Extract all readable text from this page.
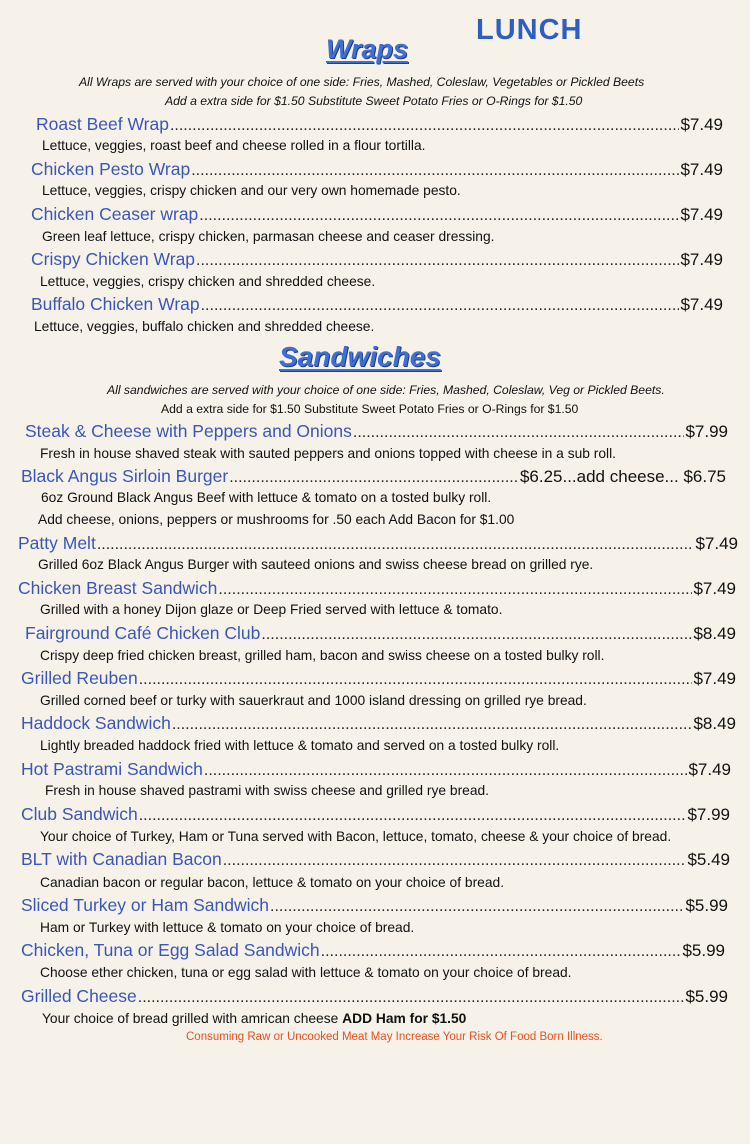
LUNCH
Wraps
All Wraps are served with your choice of one side: Fries, Mashed, Coleslaw, Vegetables or Pickled Beets
Add a extra side for $1.50 Substitute Sweet Potato Fries or O-Rings for $1.50
Roast Beef Wrap .....	$7.49
Lettuce, veggies, roast beef and cheese rolled in a flour tortilla.
Chicken Pesto Wrap .....	$7.49
Lettuce, veggies, crispy chicken and our very own homemade pesto.
Chicken Ceaser wrap .....	$7.49
Green leaf lettuce, crispy chicken, parmasan cheese and ceaser dressing.
Crispy Chicken Wrap .....	$7.49
Lettuce, veggies, crispy chicken and shredded cheese.
Buffalo Chicken Wrap .....	$7.49
Lettuce, veggies, buffalo chicken and shredded cheese.
Sandwiches
All sandwiches are served with your choice of one side: Fries, Mashed, Coleslaw, Veg or Pickled Beets.
Add a extra side for $1.50 Substitute Sweet Potato Fries or O-Rings for $1.50
Steak & Cheese with Peppers and Onions .....	$7.99
Fresh in house shaved steak with sauted peppers and onions topped with cheese in a sub roll.
Black Angus Sirloin Burger .....	$6.25...add cheese... $6.75
6oz Ground Black Angus Beef with lettuce & tomato on a tosted bulky roll.
Add cheese, onions, peppers or mushrooms for .50 each Add Bacon for $1.00
Patty Melt .....	$7.49
Grilled 6oz Black Angus Burger with sauteed onions and swiss cheese bread on grilled rye.
Chicken Breast Sandwich .....	$7.49
Grilled with a honey Dijon glaze or Deep Fried served with lettuce & tomato.
Fairground Café Chicken Club .....	$8.49
Crispy deep fried chicken breast, grilled ham, bacon and swiss cheese on a tosted bulky roll.
Grilled Reuben .....	$7.49
Grilled corned beef or turky with sauerkraut and 1000 island dressing on grilled rye bread.
Haddock Sandwich .....	$8.49
Lightly breaded haddock fried with lettuce & tomato and served on a tosted bulky roll.
Hot Pastrami Sandwich .....	$7.49
Fresh in house shaved pastrami with swiss cheese and grilled rye bread.
Club Sandwich .....	$7.99
Your choice of Turkey, Ham or Tuna served with Bacon, lettuce, tomato, cheese & your choice of bread.
BLT with Canadian Bacon .....	$5.49
Canadian bacon or regular bacon, lettuce & tomato on your choice of bread.
Sliced Turkey or Ham Sandwich .....	$5.99
Ham or Turkey with lettuce & tomato on your choice of bread.
Chicken, Tuna or Egg Salad Sandwich .....	$5.99
Choose ether chicken, tuna or egg salad with lettuce & tomato on your choice of bread.
Grilled Cheese .....	$5.99
Your choice of bread grilled with amrican cheese ADD Ham for $1.50
Consuming Raw or Uncooked Meat May Increase Your Risk Of Food Born Illness.
